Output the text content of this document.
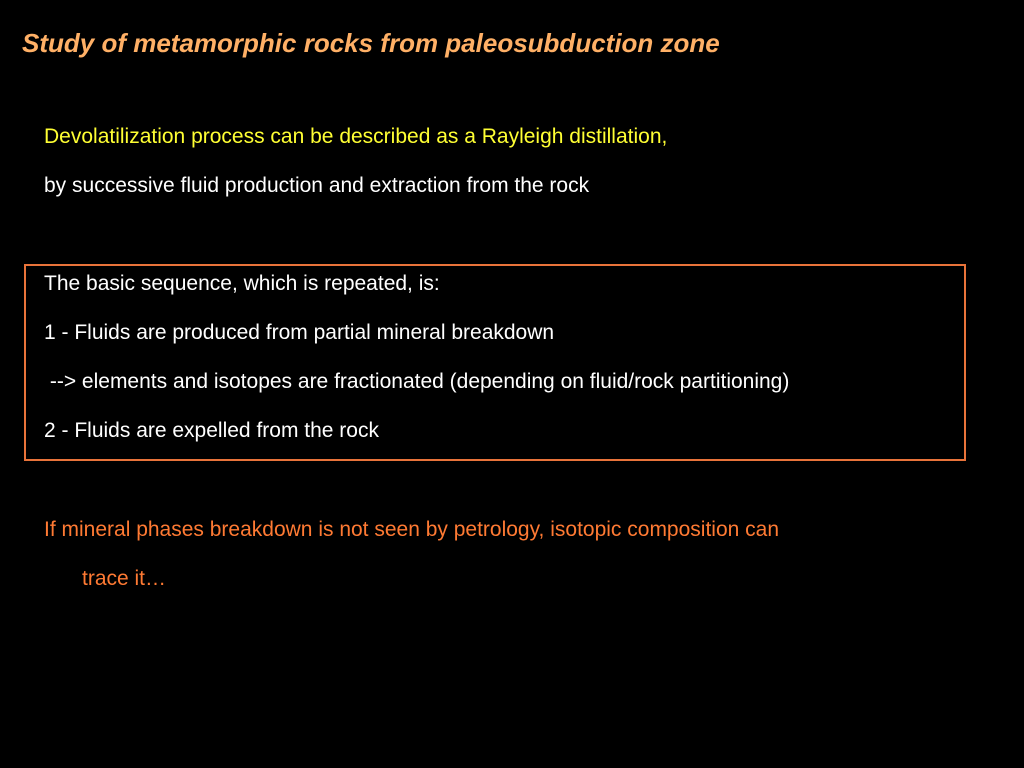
Study of metamorphic rocks from paleosubduction zone
Devolatilization process can be described as a Rayleigh distillation,
by successive fluid production and extraction from the rock
The basic sequence, which is repeated, is:
1 - Fluids are produced from partial mineral breakdown
--> elements and isotopes are fractionated (depending on fluid/rock partitioning)
2 - Fluids are expelled from the rock
If mineral phases breakdown is not seen by petrology, isotopic composition can
trace it…
